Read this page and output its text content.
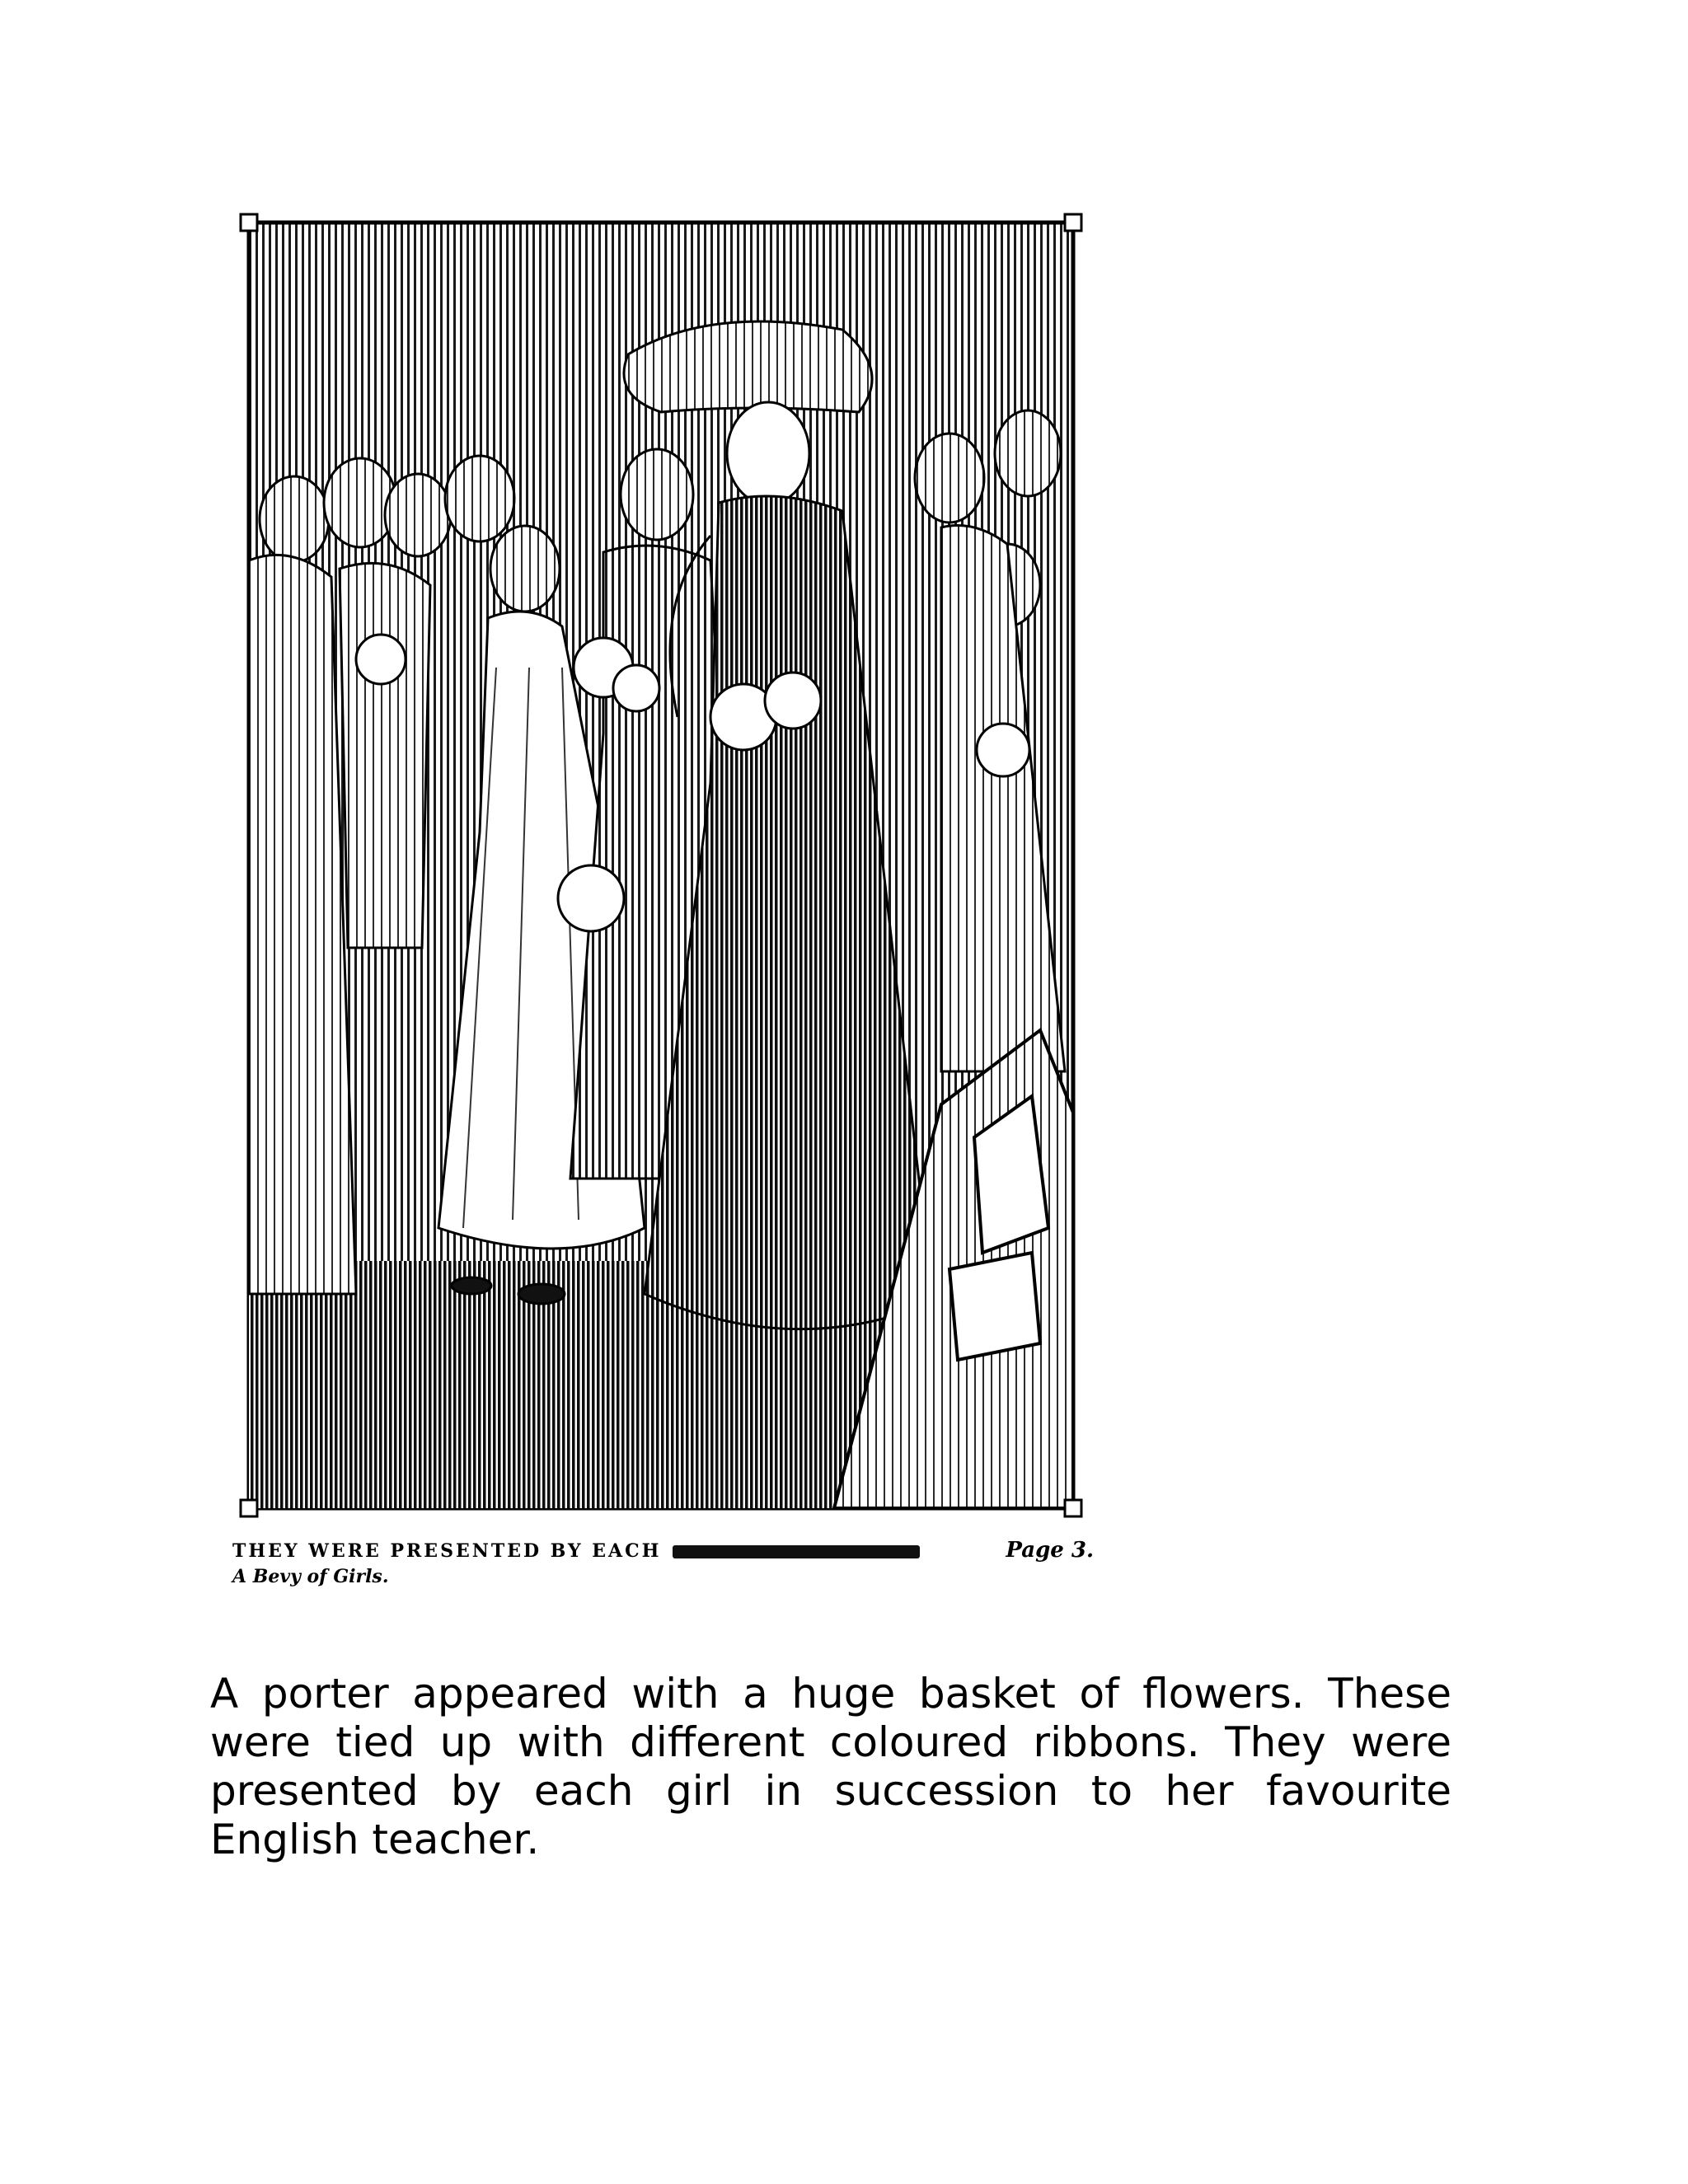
THEY WERE PRESENTED BY EACH	Page 3.
A Bevy of Girls.

A porter appeared with a huge basket of flowers. These were tied up with different coloured ribbons. They were presented by each girl in succession to her favourite English teacher.
